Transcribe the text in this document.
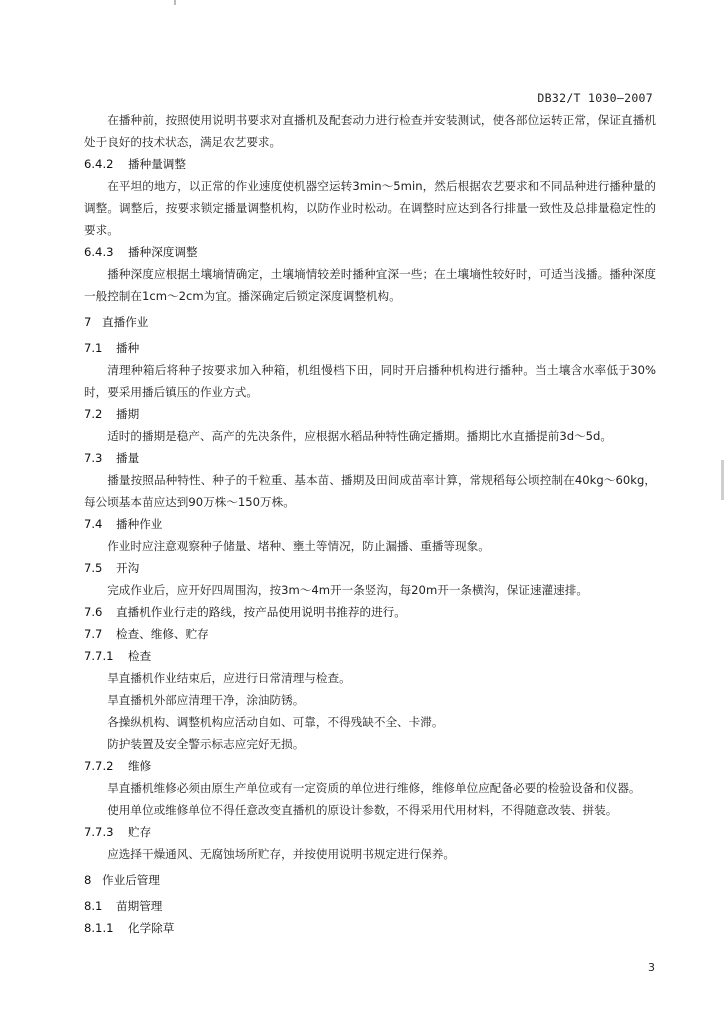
DB32/T 1030—2007

在播种前，按照使用说明书要求对直播机及配套动力进行检查并安装测试，使各部位运转正常，保证直播机处于良好的技术状态，满足农艺要求。

6.4.2 播种量调整

在平坦的地方，以正常的作业速度使机器空运转3min～5min，然后根据农艺要求和不同品种进行播种量的调整。调整后，按要求锁定播量调整机构，以防作业时松动。在调整时应达到各行排量一致性及总排量稳定性的要求。

6.4.3 播种深度调整

播种深度应根据土壤墒情确定，土壤墒情较差时播种宜深一些；在土壤墒性较好时，可适当浅播。播种深度一般控制在1cm～2cm为宜。播深确定后锁定深度调整机构。

7 直播作业
7.1 播种

清理种箱后将种子按要求加入种箱，机组慢档下田，同时开启播种机构进行播种。当土壤含水率低于30%时，要采用播后镇压的作业方式。

7.2 播期

适时的播期是稳产、高产的先决条件，应根据水稻品种特性确定播期。播期比水直播提前3d～5d。

7.3 播量

播量按照品种特性、种子的千粒重、基本苗、播期及田间成苗率计算，常规稻每公顷控制在40kg～60kg，每公顷基本苗应达到90万株～150万株。

7.4 播种作业

作业时应注意观察种子储量、堵种、壅土等情况，防止漏播、重播等现象。

7.5 开沟

完成作业后，应开好四周围沟，按3m～4m开一条竖沟，每20m开一条横沟，保证速灌速排。

7.6 直播机作业行走的路线，按产品使用说明书推荐的进行。
7.7 检查、维修、贮存
7.7.1 检查

旱直播机作业结束后，应进行日常清理与检查。

旱直播机外部应清理干净，涂油防锈。

各操纵机构、调整机构应活动自如、可靠，不得残缺不全、卡滞。

防护装置及安全警示标志应完好无损。

7.7.2 维修

旱直播机维修必须由原生产单位或有一定资质的单位进行维修，维修单位应配备必要的检验设备和仪器。

使用单位或维修单位不得任意改变直播机的原设计参数，不得采用代用材料，不得随意改装、拼装。

7.7.3 贮存

应选择干燥通风、无腐蚀场所贮存，并按使用说明书规定进行保养。

8 作业后管理
8.1 苗期管理
8.1.1 化学除草
3
